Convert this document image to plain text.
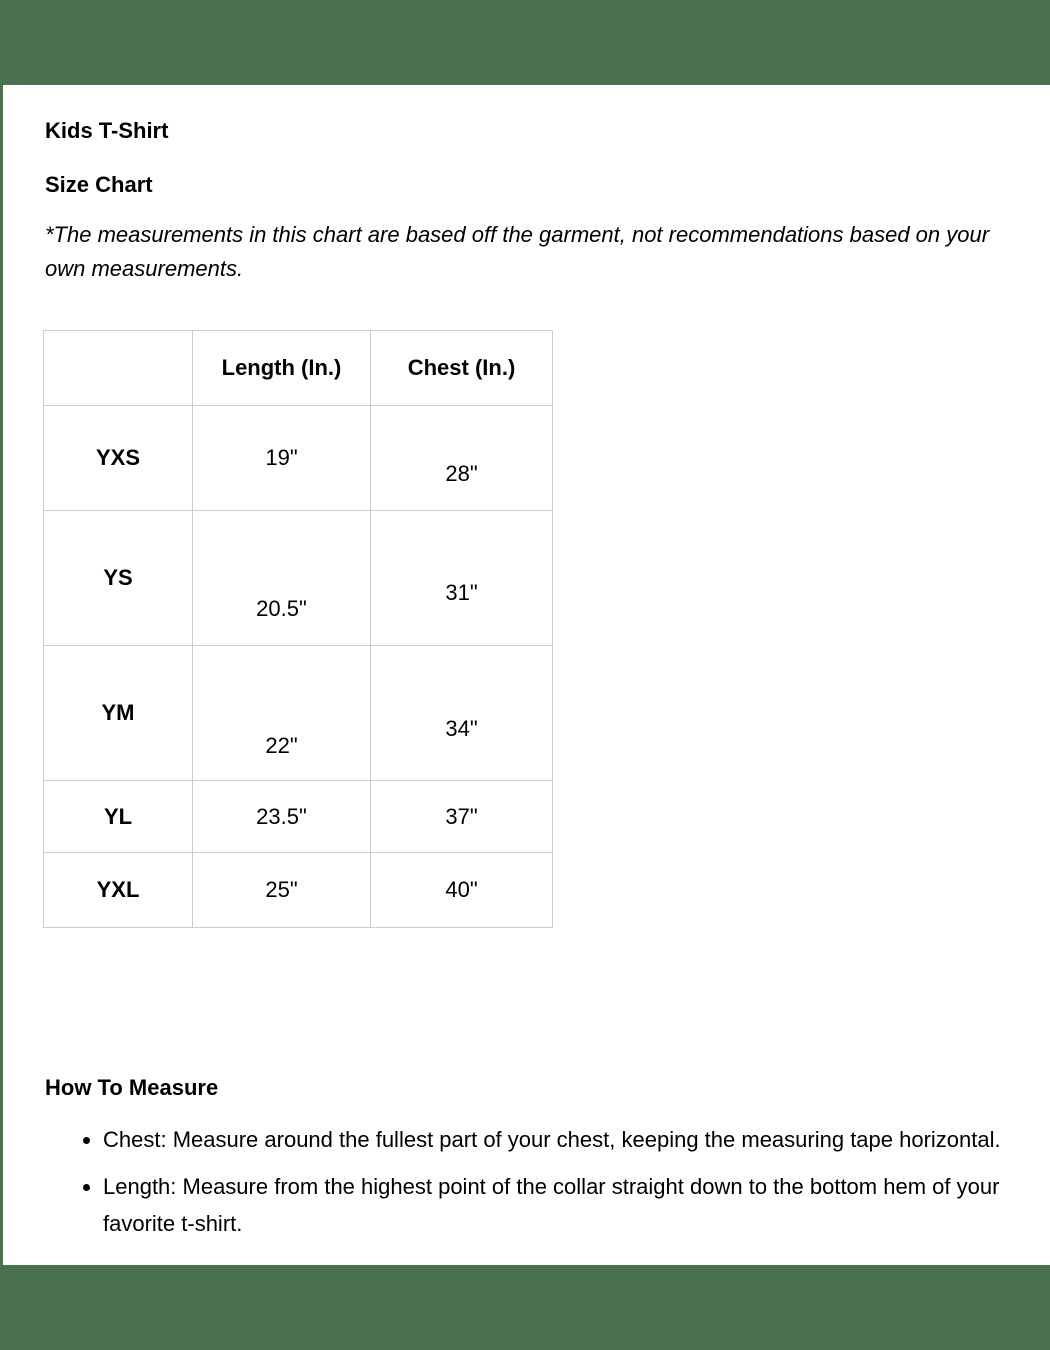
Kids T-Shirt
Size Chart

*The measurements in this chart are based off the garment, not recommendations based on your own measurements.

	Length (In.)	Chest (In.)
YXS	19"	28"
YS	20.5"	31"
YM	22"	34"
YL	23.5"	37"
YXL	25"	40"
How To Measure
• Chest: Measure around the fullest part of your chest, keeping the measuring tape horizontal.
• Length: Measure from the highest point of the collar straight down to the bottom hem of your favorite t-shirt.
